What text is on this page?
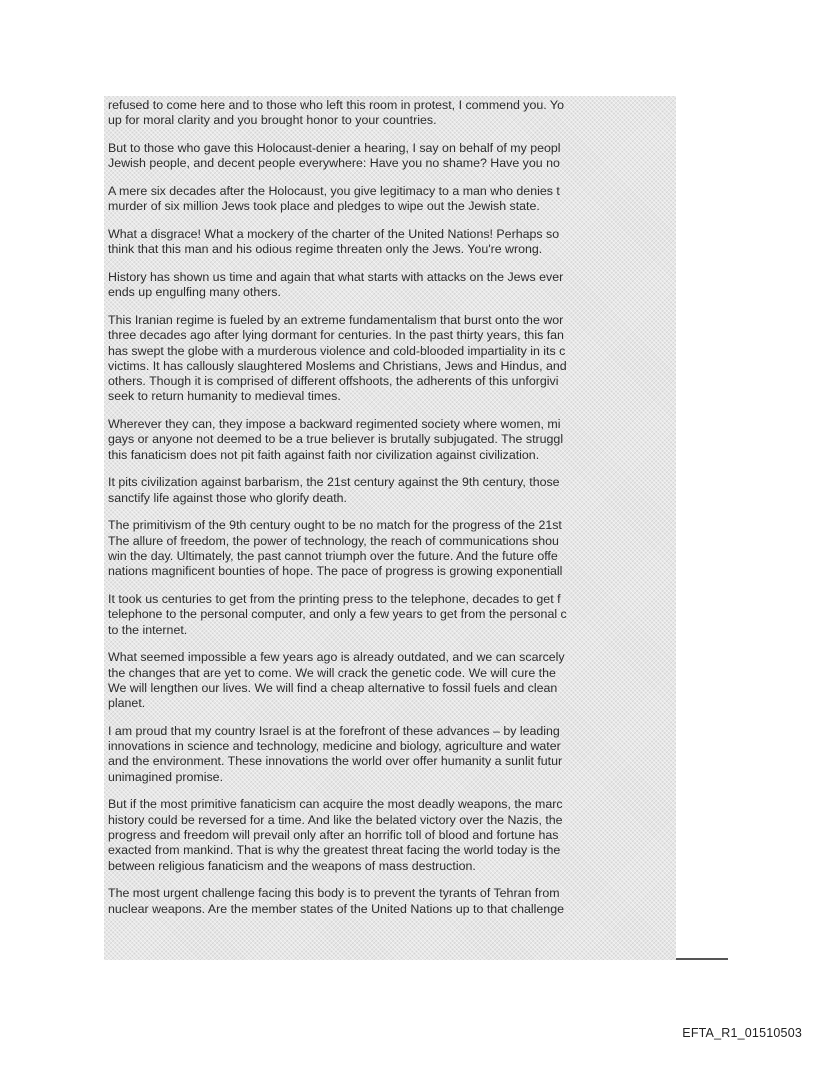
refused to come here and to those who left this room in protest, I commend you. Yo
up for moral clarity and you brought honor to your countries.

But to those who gave this Holocaust-denier a hearing, I say on behalf of my peopl
Jewish people, and decent people everywhere: Have you no shame? Have you no

A mere six decades after the Holocaust, you give legitimacy to a man who denies t
murder of six million Jews took place and pledges to wipe out the Jewish state.

What a disgrace! What a mockery of the charter of the United Nations! Perhaps so
think that this man and his odious regime threaten only the Jews. You're wrong.

History has shown us time and again that what starts with attacks on the Jews ever
ends up engulfing many others.

This Iranian regime is fueled by an extreme fundamentalism that burst onto the wor
three decades ago after lying dormant for centuries. In the past thirty years, this fan
has swept the globe with a murderous violence and cold-blooded impartiality in its c
victims. It has callously slaughtered Moslems and Christians, Jews and Hindus, and
others. Though it is comprised of different offshoots, the adherents of this unforgivi
seek to return humanity to medieval times.

Wherever they can, they impose a backward regimented society where women, mi
gays or anyone not deemed to be a true believer is brutally subjugated. The struggl
this fanaticism does not pit faith against faith nor civilization against civilization.

It pits civilization against barbarism, the 21st century against the 9th century, those
sanctify life against those who glorify death.

The primitivism of the 9th century ought to be no match for the progress of the 21st
The allure of freedom, the power of technology, the reach of communications shou
win the day. Ultimately, the past cannot triumph over the future. And the future offe
nations magnificent bounties of hope. The pace of progress is growing exponentiall

It took us centuries to get from the printing press to the telephone, decades to get f
telephone to the personal computer, and only a few years to get from the personal c
to the internet.

What seemed impossible a few years ago is already outdated, and we can scarcely
the changes that are yet to come. We will crack the genetic code. We will cure the
We will lengthen our lives. We will find a cheap alternative to fossil fuels and clean
planet.

I am proud that my country Israel is at the forefront of these advances – by leading
innovations in science and technology, medicine and biology, agriculture and water
and the environment. These innovations the world over offer humanity a sunlit futur
unimagined promise.

But if the most primitive fanaticism can acquire the most deadly weapons, the marc
history could be reversed for a time. And like the belated victory over the Nazis, the
progress and freedom will prevail only after an horrific toll of blood and fortune has
exacted from mankind. That is why the greatest threat facing the world today is the
between religious fanaticism and the weapons of mass destruction.

The most urgent challenge facing this body is to prevent the tyrants of Tehran from
nuclear weapons. Are the member states of the United Nations up to that challenge

EFTA_R1_01510503
